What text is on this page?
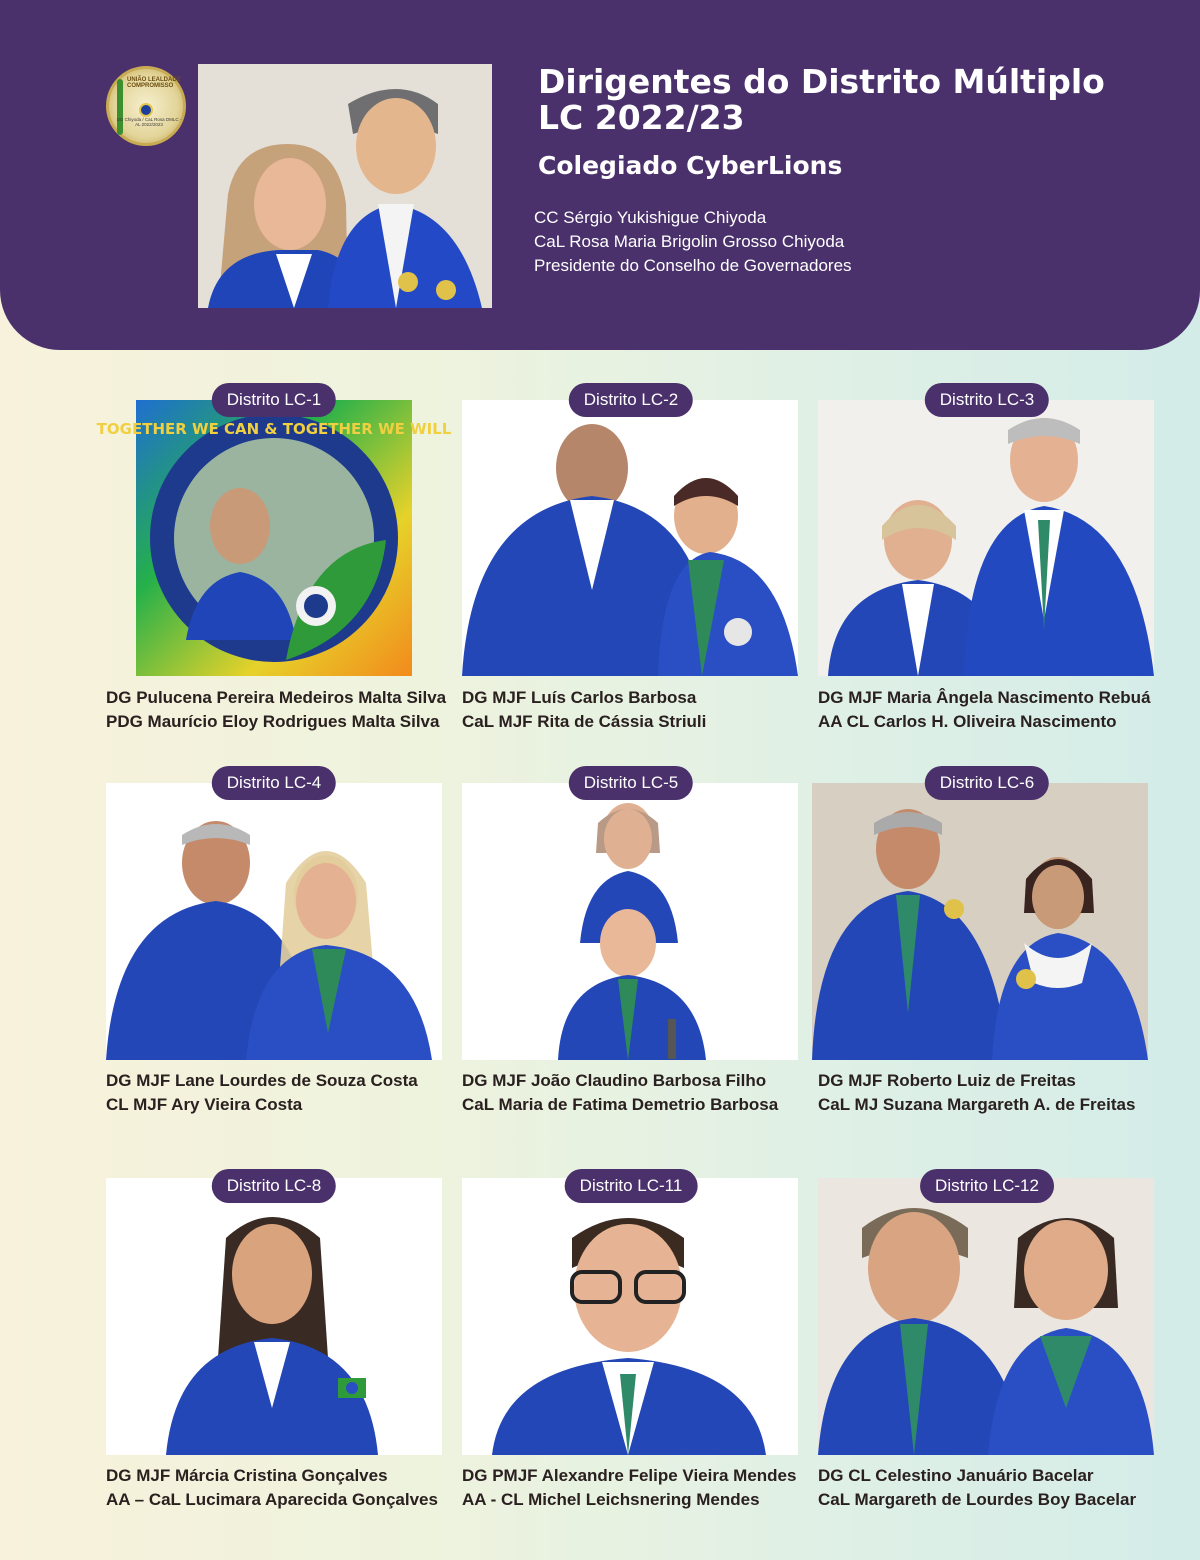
UNIÃO LEALDADE COMPROMISSO
DG Chiyoda / CaL Rosa DMLC - AL 2022/2023
Dirigentes do Distrito Múltiplo
LC 2022/23
Colegiado CyberLions
CC Sérgio Yukishigue Chiyoda
CaL Rosa Maria Brigolin Grosso Chiyoda
Presidente do Conselho de Governadores
TOGETHER WE CAN & TOGETHER WE WILL
Distrito LC-1
DG Pulucena Pereira Medeiros Malta Silva
PDG Maurício Eloy Rodrigues Malta Silva
Distrito LC-2
DG MJF Luís Carlos Barbosa
CaL MJF Rita de Cássia Striuli
Distrito LC-3
DG MJF Maria Ângela Nascimento Rebuá
AA CL Carlos H. Oliveira Nascimento
Distrito LC-4
DG MJF Lane Lourdes de Souza Costa
CL MJF Ary Vieira Costa
Distrito LC-5
DG MJF João Claudino Barbosa Filho
CaL Maria de Fatima Demetrio Barbosa
Distrito LC-6
DG MJF Roberto Luiz de Freitas
CaL MJ Suzana Margareth A. de Freitas
Distrito LC-8
DG MJF Márcia Cristina Gonçalves
AA – CaL Lucimara Aparecida Gonçalves
Distrito LC-11
DG PMJF Alexandre Felipe Vieira Mendes
AA - CL Michel Leichsnering Mendes
Distrito LC-12
DG CL Celestino Januário Bacelar
CaL Margareth de Lourdes Boy Bacelar
